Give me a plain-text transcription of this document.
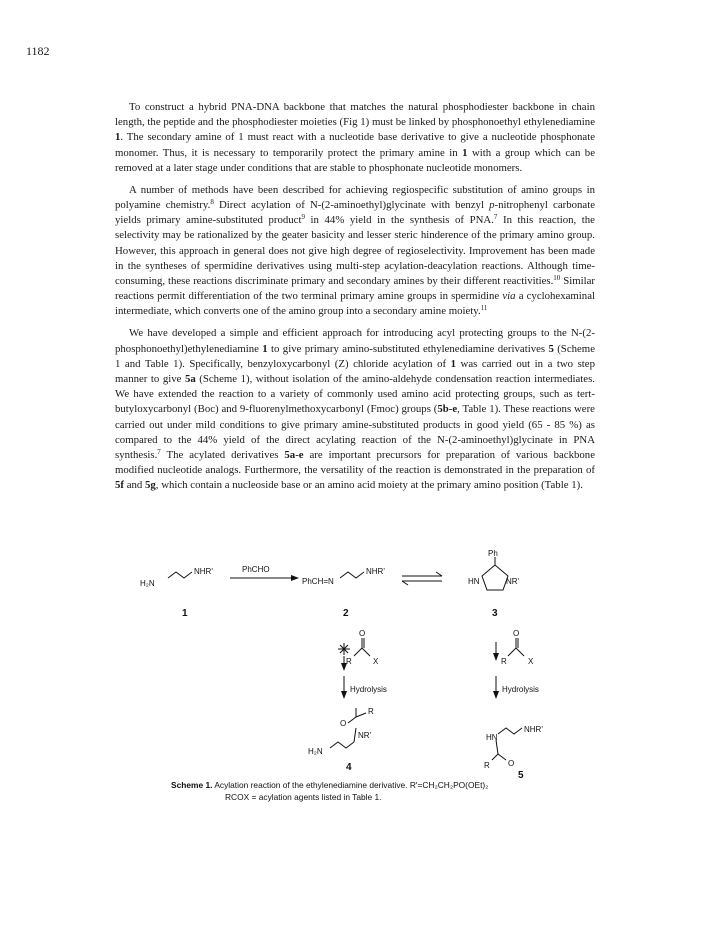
1182

To construct a hybrid PNA-DNA backbone that matches the natural phosphodiester backbone in chain length, the peptide and the phosphodiester moieties (Fig 1) must be linked by phosphonoethyl ethylenediamine 1. The secondary amine of 1 must react with a nucleotide base derivative to give a nucleotide phosphonate monomer. Thus, it is necessary to temporarily protect the primary amine in 1 with a group which can be removed at a later stage under conditions that are stable to phosphonate nucleotide monomers.

A number of methods have been described for achieving regiospecific substitution of amino groups in polyamine chemistry.$^8$ Direct acylation of N-(2-aminoethyl)glycinate with benzyl p-nitrophenyl carbonate yields primary amine-substituted product$^9$ in 44% yield in the synthesis of PNA.$^7$ In this reaction, the selectivity may be rationalized by the geater basicity and lesser steric hinderence of the primary amino group. However, this approach in general does not give high degree of regioselectivity. Improvement has been made in the syntheses of spermidine derivatives using multi-step acylation-deacylation reactions. Although time-consuming, these reactions discriminate primary and secondary amines by their different reactivities.$^{10}$ Similar reactions permit differentiation of the two terminal primary amine groups in spermidine via a cyclohexaminal intermediate, which converts one of the amino group into a secondary amine moiety.$^{11}$

We have developed a simple and efficient approach for introducing acyl protecting groups to the N-(2-phosphonoethyl)ethylenediamine 1 to give primary amino-substituted ethylenediamine derivatives 5 (Scheme 1 and Table 1). Specifically, benzyloxycarbonyl (Z) chloride acylation of 1 was carried out in a two step manner to give 5a (Scheme 1), without isolation of the amino-aldehyde condensation reaction intermediates. We have extended the reaction to a variety of commonly used amino acid protecting groups, such as tert-butyloxycarbonyl (Boc) and 9-fluorenylmethoxycarbonyl (Fmoc) groups (5b-e, Table 1). These reactions were carried out under mild conditions to give primary amine-substituted products in good yield (65 - 85 %) as compared to the 44% yield of the direct acylating reaction of the N-(2-aminoethyl)glycinate in PNA synthesis.$^7$ The acylated derivatives 5a-e are important precursors for preparation of various backbone modified nucleotide analogs. Furthermore, the versatility of the reaction is demonstrated in the preparation of 5f and 5g, which contain a nucleoside base or an amino acid moiety at the primary amino position (Table 1).

H₂N
NHR'	PhCHO
PhCH=N
NHR'
Ph
HN	NR'
1	2	3
O
R	X
Hydrolysis
O
R	X
Hydrolysis
O
R
NR'
H₂N
4
HN
NHR'
R O
5
Scheme 1. Acylation reaction of the ethylenediamine derivative. R'=CH₂CH₂PO(OEt)₂
RCOX = acylation agents listed in Table 1.
